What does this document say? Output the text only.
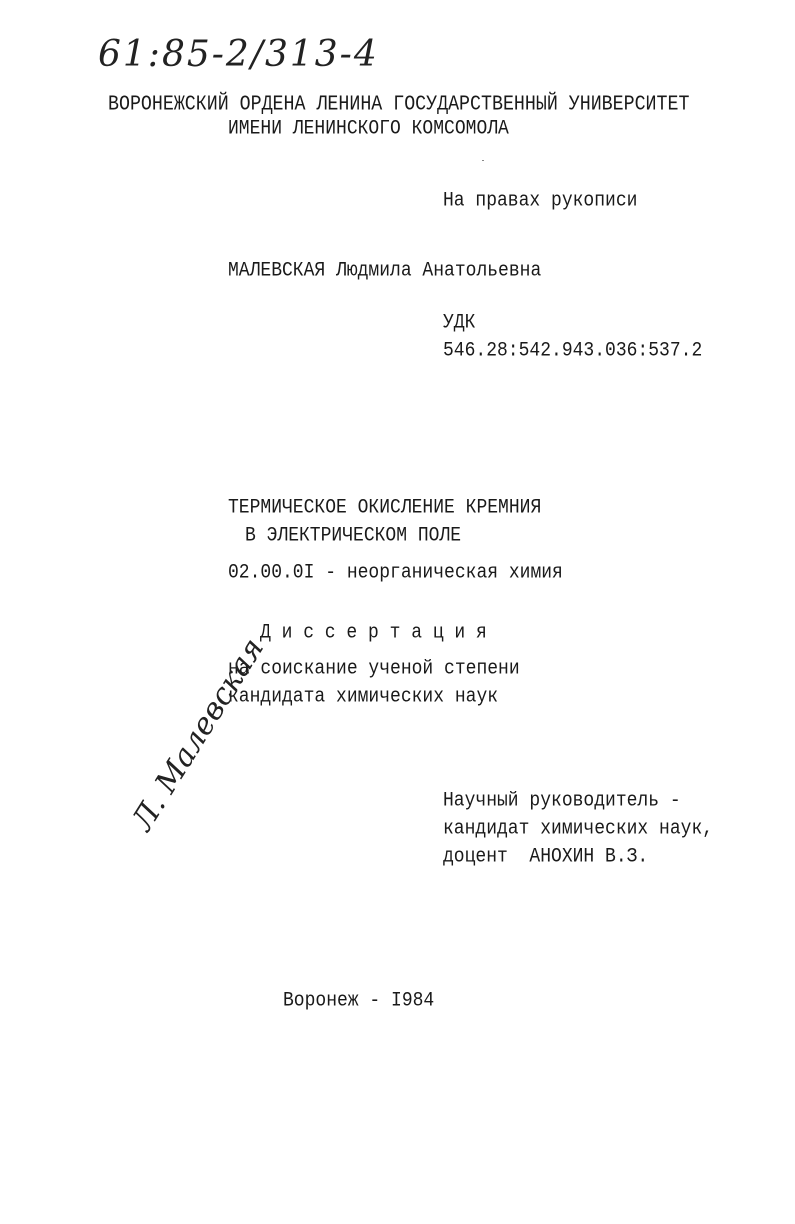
61:85-2/313-4
ВОРОНЕЖСКИЙ ОРДЕНА ЛЕНИНА ГОСУДАРСТВЕННЫЙ УНИВЕРСИТЕТ
ИМЕНИ ЛЕНИНСКОГО КОМСОМОЛА
На правах рукописи
МАЛЕВСКАЯ Людмила Анатольевна
УДК
546.28:542.943.036:537.2
ТЕРМИЧЕСКОЕ ОКИСЛЕНИЕ КРЕМНИЯ
В ЭЛЕКТРИЧЕСКОМ ПОЛЕ
02.00.0I - неорганическая химия
Д и с с е р т а ц и я
на соискание ученой степени
кандидата химических наук
Л. Малевская	Научный руководитель -
кандидат химических наук,
доцент  АНОХИН В.З.
Воронеж - I984
